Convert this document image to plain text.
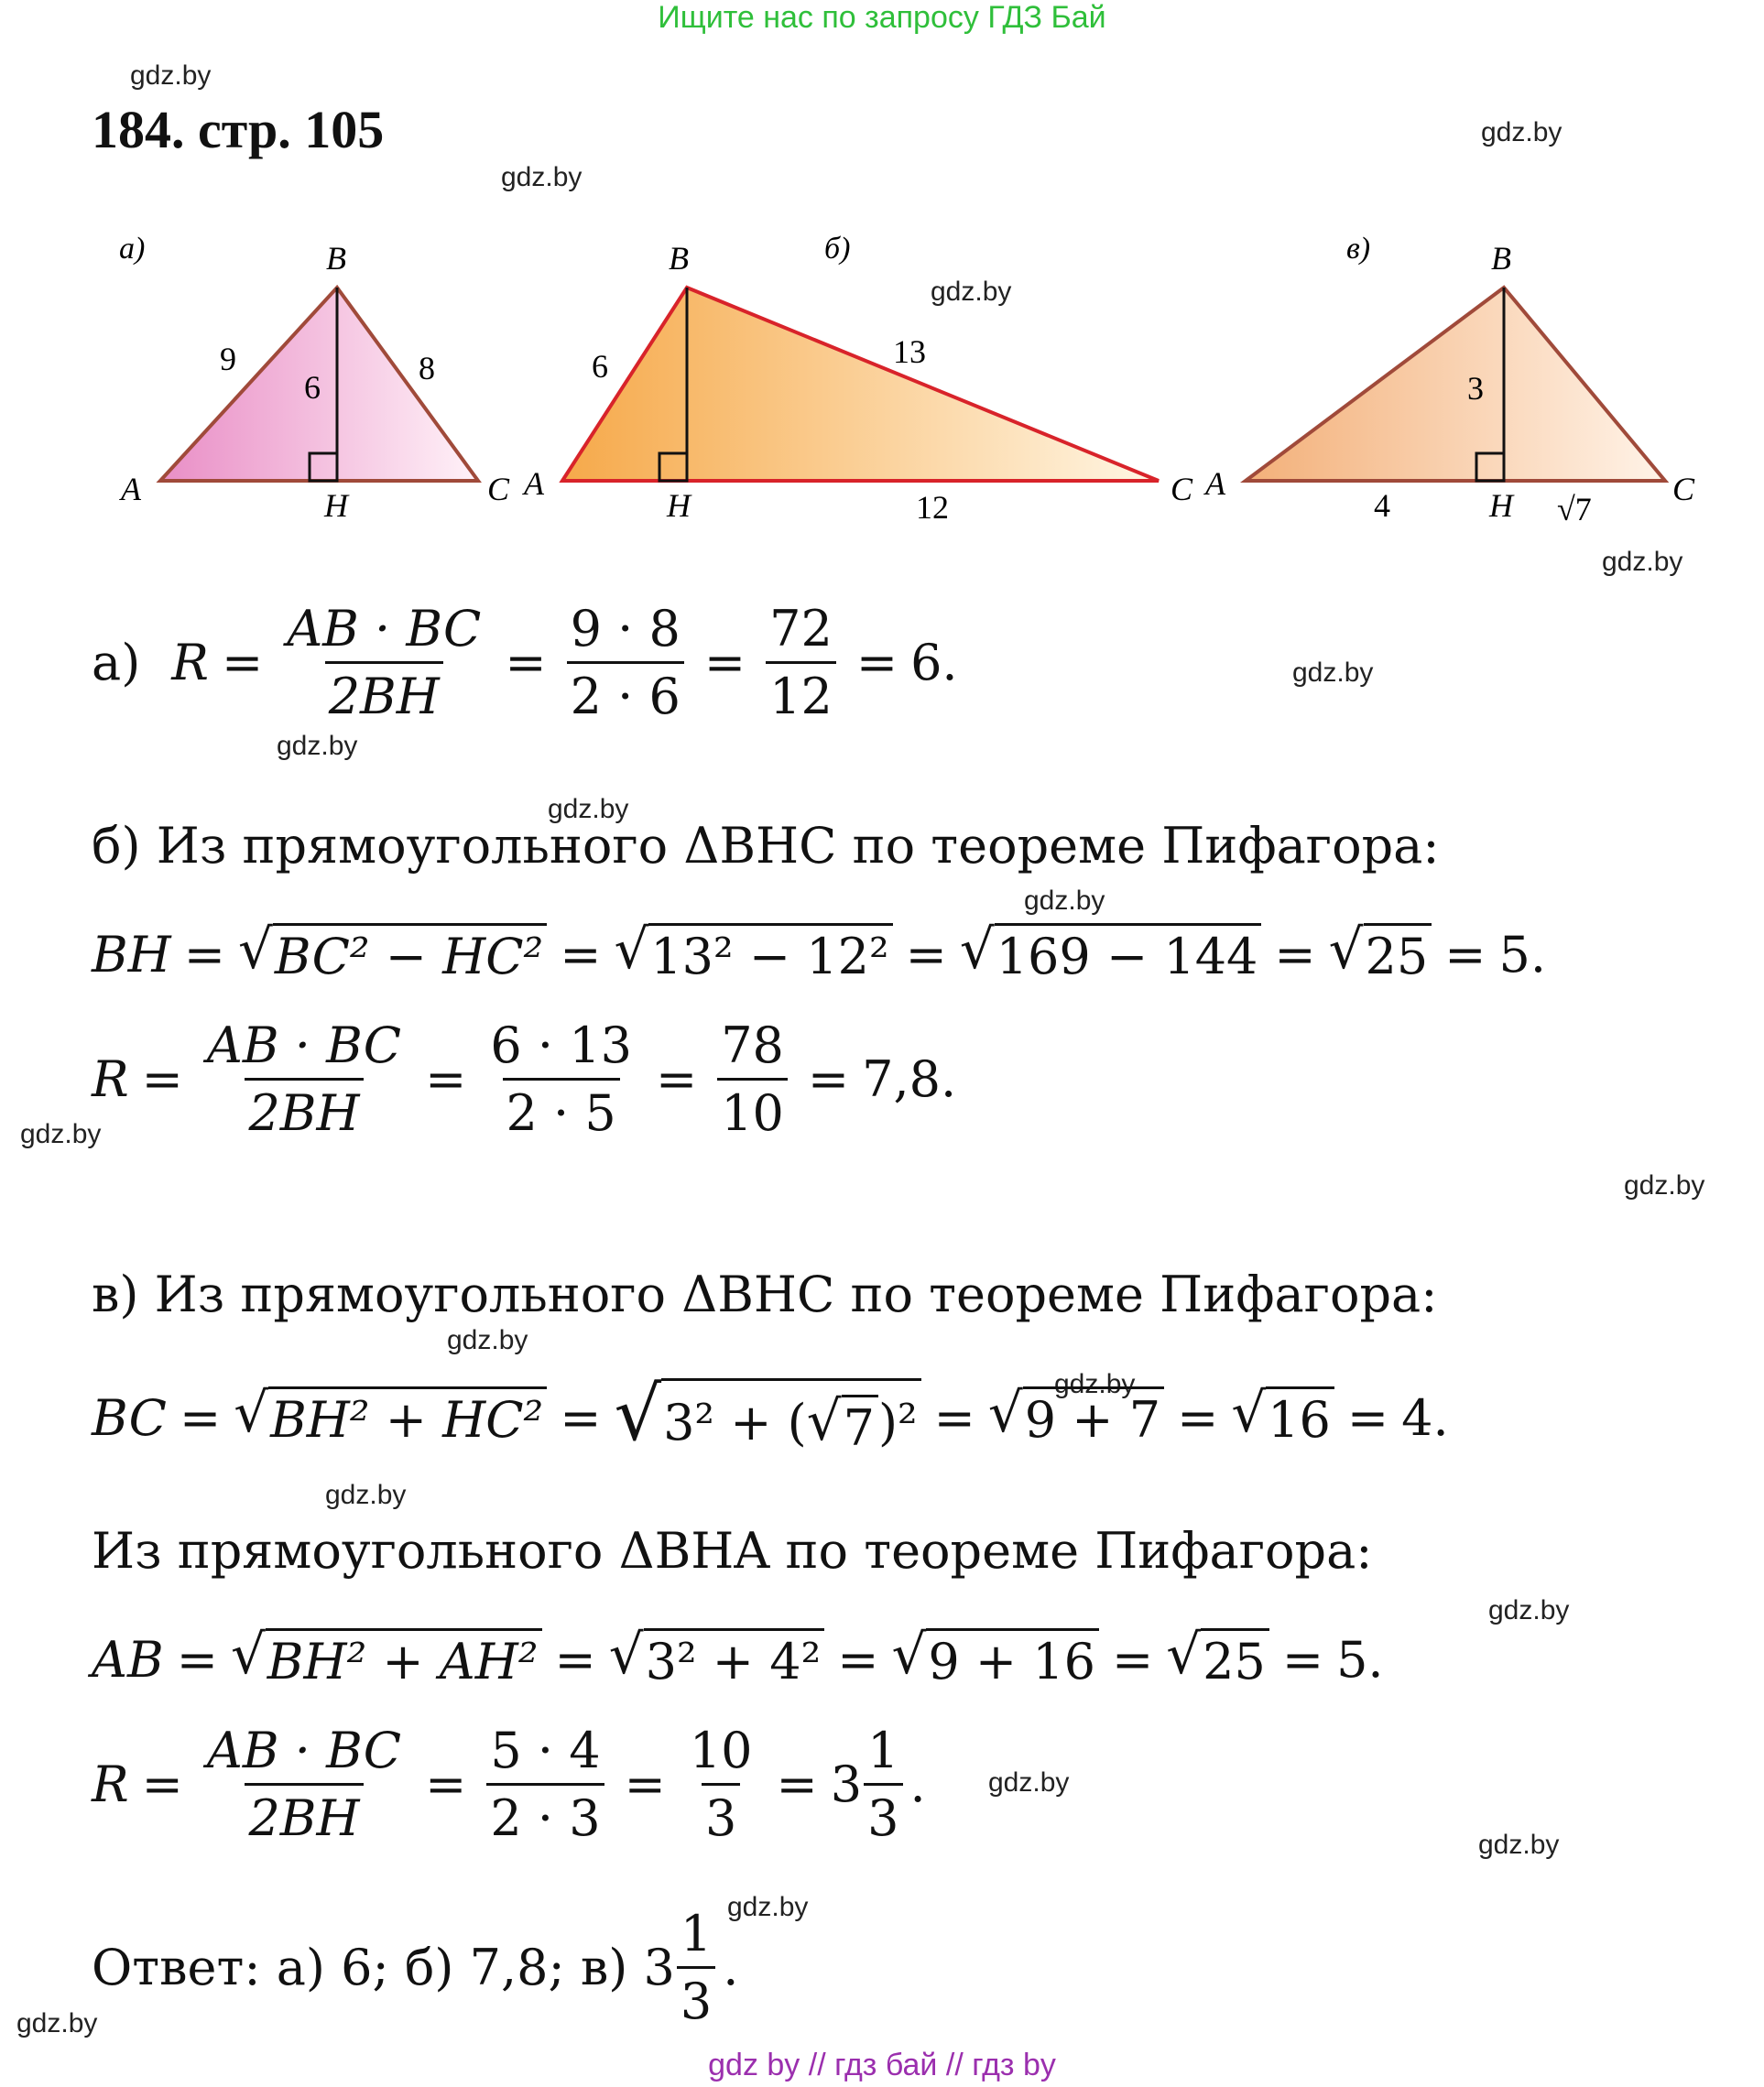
Ищите нас по запросу ГДЗ Бай
gdz by // гдз бай // гдз by
gdz.by
gdz.by
gdz.by
gdz.by
gdz.by
gdz.by
gdz.by
gdz.by
gdz.by
gdz.by
gdz.by
gdz.by
gdz.by
gdz.by
gdz.by
gdz.by
gdz.by
gdz.by
gdz.by
184. стр. 105
а)	B
A	C
H
9	8
6
б)
B
A	C
H
6	13
12
в)	B
A	C
H
3
4	√7
а) $R = \frac{AB \cdot BC}{2BH} = \frac{9 \cdot 8}{2 \cdot 6} = \frac{72}{12} = 6$.
б) Из прямоугольного ΔBHC по теореме Пифагора:
BH = √ BC² − HC² = √ 13² − 12² = √ 169 − 144 = √ 25 = 5.
$R = \frac{AB \cdot BC}{2BH} = \frac{6 \cdot 13}{2 \cdot 5} = \frac{78}{10} = 7,8$.
в) Из прямоугольного ΔBHC по теореме Пифагора:
BC = √ BH² + HC² = √ 3² + ( √ 7 )² = √ 9 + 7 = √ 16 = 4.
Из прямоугольного ΔBHA по теореме Пифагора:
AB = √ BH² + AH² = √ 3² + 4² = √ 9 + 16 = √ 25 = 5.
$R = \frac{AB \cdot BC}{2BH} = \frac{5 \cdot 4}{2 \cdot 3} = \frac{10}{3} = 3 \frac{1}{3}$ .
Ответ: а) 6; б) 7,8; в) $3 \frac{1}{3}$ .
